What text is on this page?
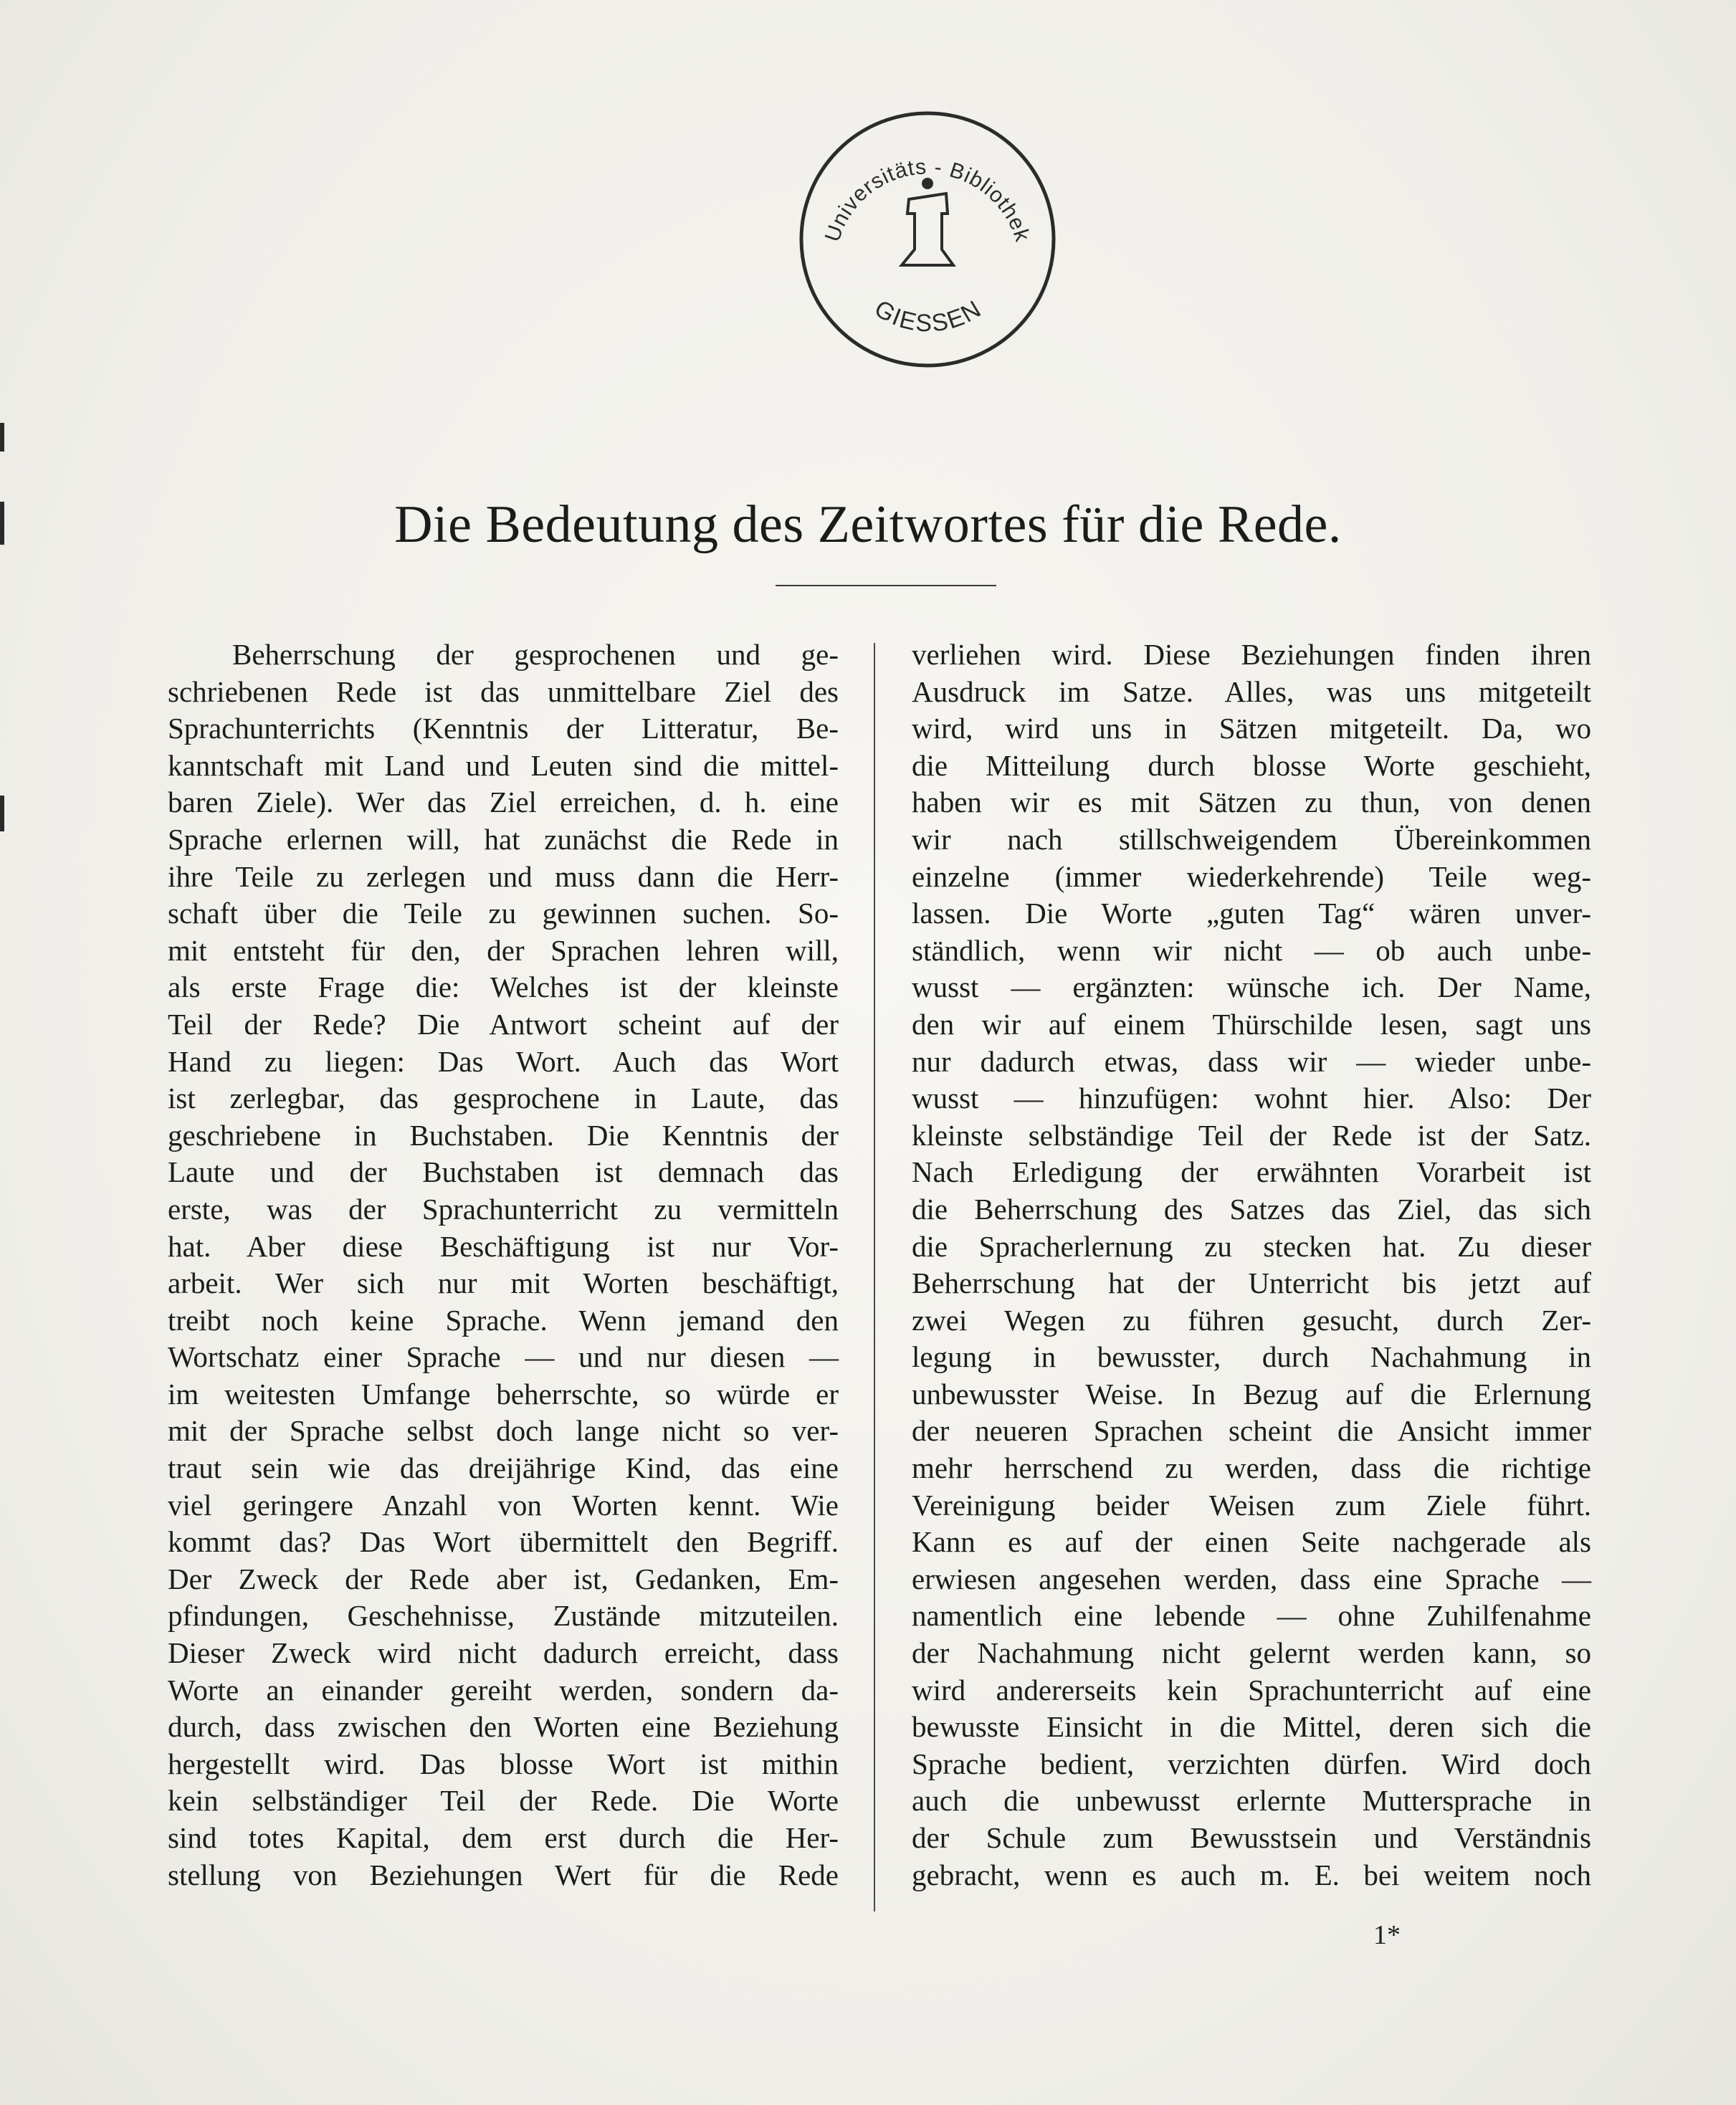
Universitäts - Bibliothek
GIESSEN
Die Bedeutung des Zeitwortes für die Rede.
Beherrschung der gesprochenen und ge-
schriebenen Rede ist das unmittelbare Ziel des
Sprachunterrichts (Kenntnis der Litteratur, Be-
kanntschaft mit Land und Leuten sind die mittel-
baren Ziele). Wer das Ziel erreichen, d. h. eine
Sprache erlernen will, hat zunächst die Rede in
ihre Teile zu zerlegen und muss dann die Herr-
schaft über die Teile zu gewinnen suchen. So-
mit entsteht für den, der Sprachen lehren will,
als erste Frage die: Welches ist der kleinste
Teil der Rede? Die Antwort scheint auf der
Hand zu liegen: Das Wort. Auch das Wort
ist zerlegbar, das gesprochene in Laute, das
geschriebene in Buchstaben. Die Kenntnis der
Laute und der Buchstaben ist demnach das
erste, was der Sprachunterricht zu vermitteln
hat. Aber diese Beschäftigung ist nur Vor-
arbeit. Wer sich nur mit Worten beschäftigt,
treibt noch keine Sprache. Wenn jemand den
Wortschatz einer Sprache — und nur diesen —
im weitesten Umfange beherrschte, so würde er
mit der Sprache selbst doch lange nicht so ver-
traut sein wie das dreijährige Kind, das eine
viel geringere Anzahl von Worten kennt. Wie
kommt das? Das Wort übermittelt den Begriff.
Der Zweck der Rede aber ist, Gedanken, Em-
pfindungen, Geschehnisse, Zustände mitzuteilen.
Dieser Zweck wird nicht dadurch erreicht, dass
Worte an einander gereiht werden, sondern da-
durch, dass zwischen den Worten eine Beziehung
hergestellt wird. Das blosse Wort ist mithin
kein selbständiger Teil der Rede. Die Worte
sind totes Kapital, dem erst durch die Her-
stellung von Beziehungen Wert für die Rede
verliehen wird. Diese Beziehungen finden ihren
Ausdruck im Satze. Alles, was uns mitgeteilt
wird, wird uns in Sätzen mitgeteilt. Da, wo
die Mitteilung durch blosse Worte geschieht,
haben wir es mit Sätzen zu thun, von denen
wir nach stillschweigendem Übereinkommen
einzelne (immer wiederkehrende) Teile weg-
lassen. Die Worte „guten Tag“ wären unver-
ständlich, wenn wir nicht — ob auch unbe-
wusst — ergänzten: wünsche ich. Der Name,
den wir auf einem Thürschilde lesen, sagt uns
nur dadurch etwas, dass wir — wieder unbe-
wusst — hinzufügen: wohnt hier. Also: Der
kleinste selbständige Teil der Rede ist der Satz.
Nach Erledigung der erwähnten Vorarbeit ist
die Beherrschung des Satzes das Ziel, das sich
die Spracherlernung zu stecken hat. Zu dieser
Beherrschung hat der Unterricht bis jetzt auf
zwei Wegen zu führen gesucht, durch Zer-
legung in bewusster, durch Nachahmung in
unbewusster Weise. In Bezug auf die Erlernung
der neueren Sprachen scheint die Ansicht immer
mehr herrschend zu werden, dass die richtige
Vereinigung beider Weisen zum Ziele führt.
Kann es auf der einen Seite nachgerade als
erwiesen angesehen werden, dass eine Sprache —
namentlich eine lebende — ohne Zuhilfenahme
der Nachahmung nicht gelernt werden kann, so
wird andererseits kein Sprachunterricht auf eine
bewusste Einsicht in die Mittel, deren sich die
Sprache bedient, verzichten dürfen. Wird doch
auch die unbewusst erlernte Muttersprache in
der Schule zum Bewusstsein und Verständnis
gebracht, wenn es auch m. E. bei weitem noch
1*
